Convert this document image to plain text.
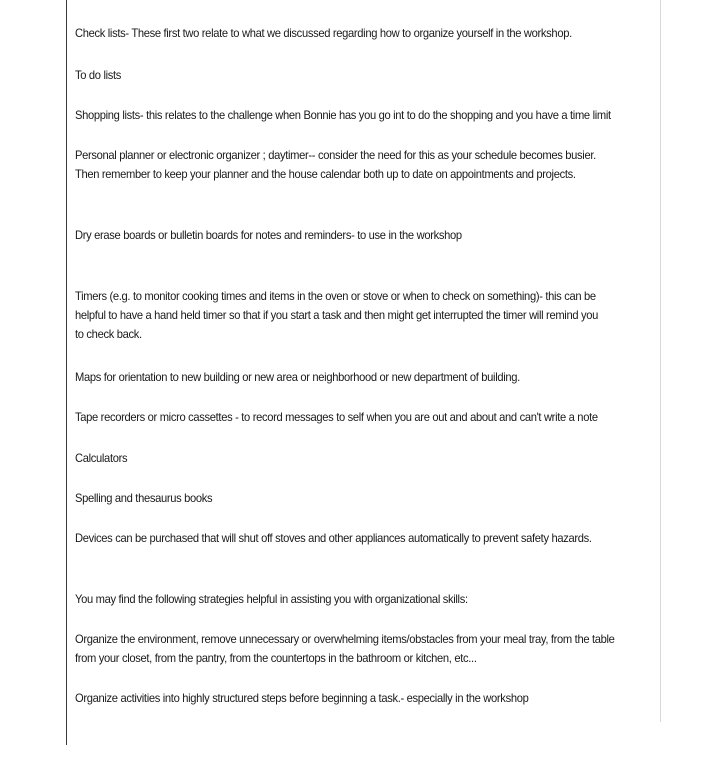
Check lists- These first two relate to what we discussed regarding how to organize yourself in the workshop.
To do lists
Shopping lists- this relates to the challenge when Bonnie has you go int to do the shopping and you have a time limit
Personal planner or electronic organizer ; daytimer-- consider the need for this as your schedule becomes busier.
Then remember to keep your planner and the house calendar both up to date on appointments and projects.
Dry erase boards or bulletin boards for notes and reminders- to use in the workshop
Timers (e.g. to monitor cooking times and items in the oven or stove or when to check on something)- this can be
helpful to have a hand held timer so that if you start a task and then might get interrupted the timer will remind you
to check back.
Maps for orientation to new building or new area or neighborhood or new department of building.
Tape recorders or micro cassettes - to record messages to self when you are out and about and can't write a note
Calculators
Spelling and thesaurus books
Devices can be purchased that will shut off stoves and other appliances automatically to prevent safety hazards.
You may find the following strategies helpful in assisting you with organizational skills:
Organize the environment, remove unnecessary or overwhelming items/obstacles from your meal tray, from the table
from your closet, from the pantry, from the countertops in the bathroom or kitchen, etc...
Organize activities into highly structured steps before beginning a task.- especially in the workshop
